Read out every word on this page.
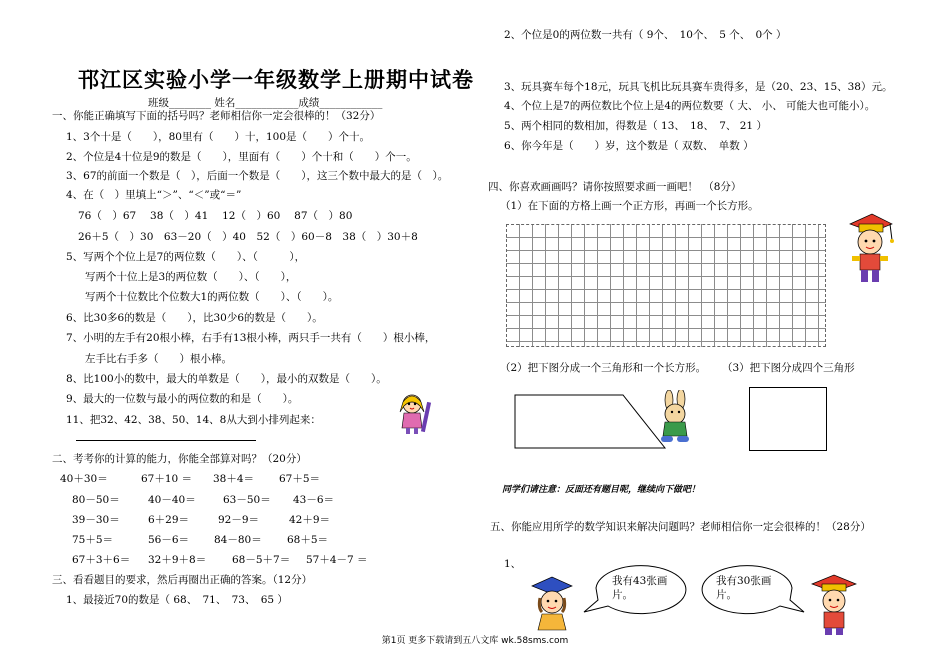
邗江区实验小学一年级数学上册期中试卷
班级________ 姓名____________成绩____________
一、你能正确填写下面的括号吗？老师相信你一定会很棒的！（32分）
1、3个十是（　　），80里有（　　）十，100是（　　）个十。
2、个位是4十位是9的数是（　　），里面有（　　）个十和（　　）个一。
3、67的前面一个数是（　），后面一个数是（　　），这三个数中最大的是（　）。
4、在（　）里填上“＞”、“＜”或“＝”
76（　）67　 38（　）41　 12（　）60　 87（　）80
26＋5（　）30　63－20（　）40　52（　）60－8　38（　）30＋8
5、写两个个位上是7的两位数（　　）、（　　　），
写两个十位上是3的两位数（　　）、（　　），
写两个十位数比个位数大1的两位数（　　）、（　　）。
6、比30多6的数是（　　），比30少6的数是（　　）。
7、小明的左手有20根小棒，右手有13根小棒，两只手一共有（　　）根小棒，
左手比右手多（　　）根小棒。
8、比100小的数中，最大的单数是（　　），最小的双数是（　　）。
9、最大的一位数与最小的两位数的和是（　　）。
11、把32、42、38、50、14、8从大到小排列起来：
二、考考你的计算的能力，你能全部算对吗？（20分）
40＋30＝	67＋10 ＝ 38＋4＝ 67＋5＝
80－50＝	40－40＝	63－50＝ 43－6＝
39－30＝	6＋29＝	92－9＝	42＋9＝
75＋5＝	56－6＝ 84－80＝ 68＋5＝
67＋3＋6＝ 32＋9＋8＝ 68－5＋7＝ 57＋4－7 ＝
三、看看题目的要求，然后再圈出正确的答案。（12分）
1、最接近70的数是（ 68、　71、　73、　65 ）
2、个位是0的两位数一共有（ 9个、　10个、　5 个、　0个 ）
3、玩具赛车每个18元，玩具飞机比玩具赛车贵得多，是（20、23、15、38）元。
4、个位上是7的两位数比个位上是4的两位数要（ 大、 小、 可能大也可能小）。
5、两个相同的数相加，得数是（ 13、　18、　7、 21 ）
6、你今年是（　　）岁，这个数是（ 双数、　单数 ）
四、你喜欢画画吗？请你按照要求画一画吧！　（8分）
（1）在下面的方格上画一个正方形，再画一个长方形。
（2）把下图分成一个三角形和一个长方形。 （3）把下图分成四个三角形
同学们请注意：反面还有题目呢，继续向下做吧！
五、你能应用所学的数学知识来解决问题吗？老师相信你一定会很棒的！（28分）
1、
我有43张画片。
我有30张画片。
第1页 更多下载请到五八文库 wk.58sms.com
